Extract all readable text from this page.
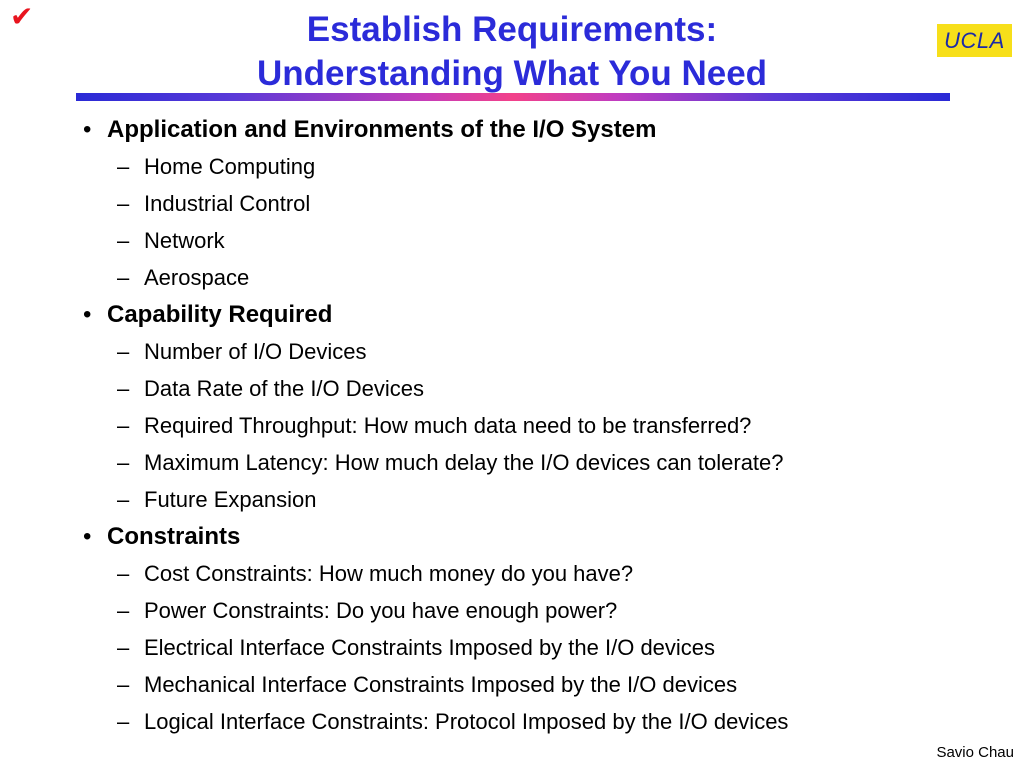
✔	Establish Requirements:
Understanding What You Need
UCLA
• Application and Environments of the I/O System
– Home Computing
– Industrial Control
– Network
– Aerospace
• Capability Required
– Number of I/O Devices
– Data Rate of the I/O Devices
– Required Throughput: How much data need to be transferred?
– Maximum Latency: How much delay the I/O devices can tolerate?
– Future Expansion
• Constraints
– Cost Constraints: How much money do you have?
– Power Constraints: Do you have enough power?
– Electrical Interface Constraints Imposed by the I/O devices
– Mechanical Interface Constraints Imposed by the I/O devices
– Logical Interface Constraints: Protocol Imposed by the I/O devices
Savio Chau
